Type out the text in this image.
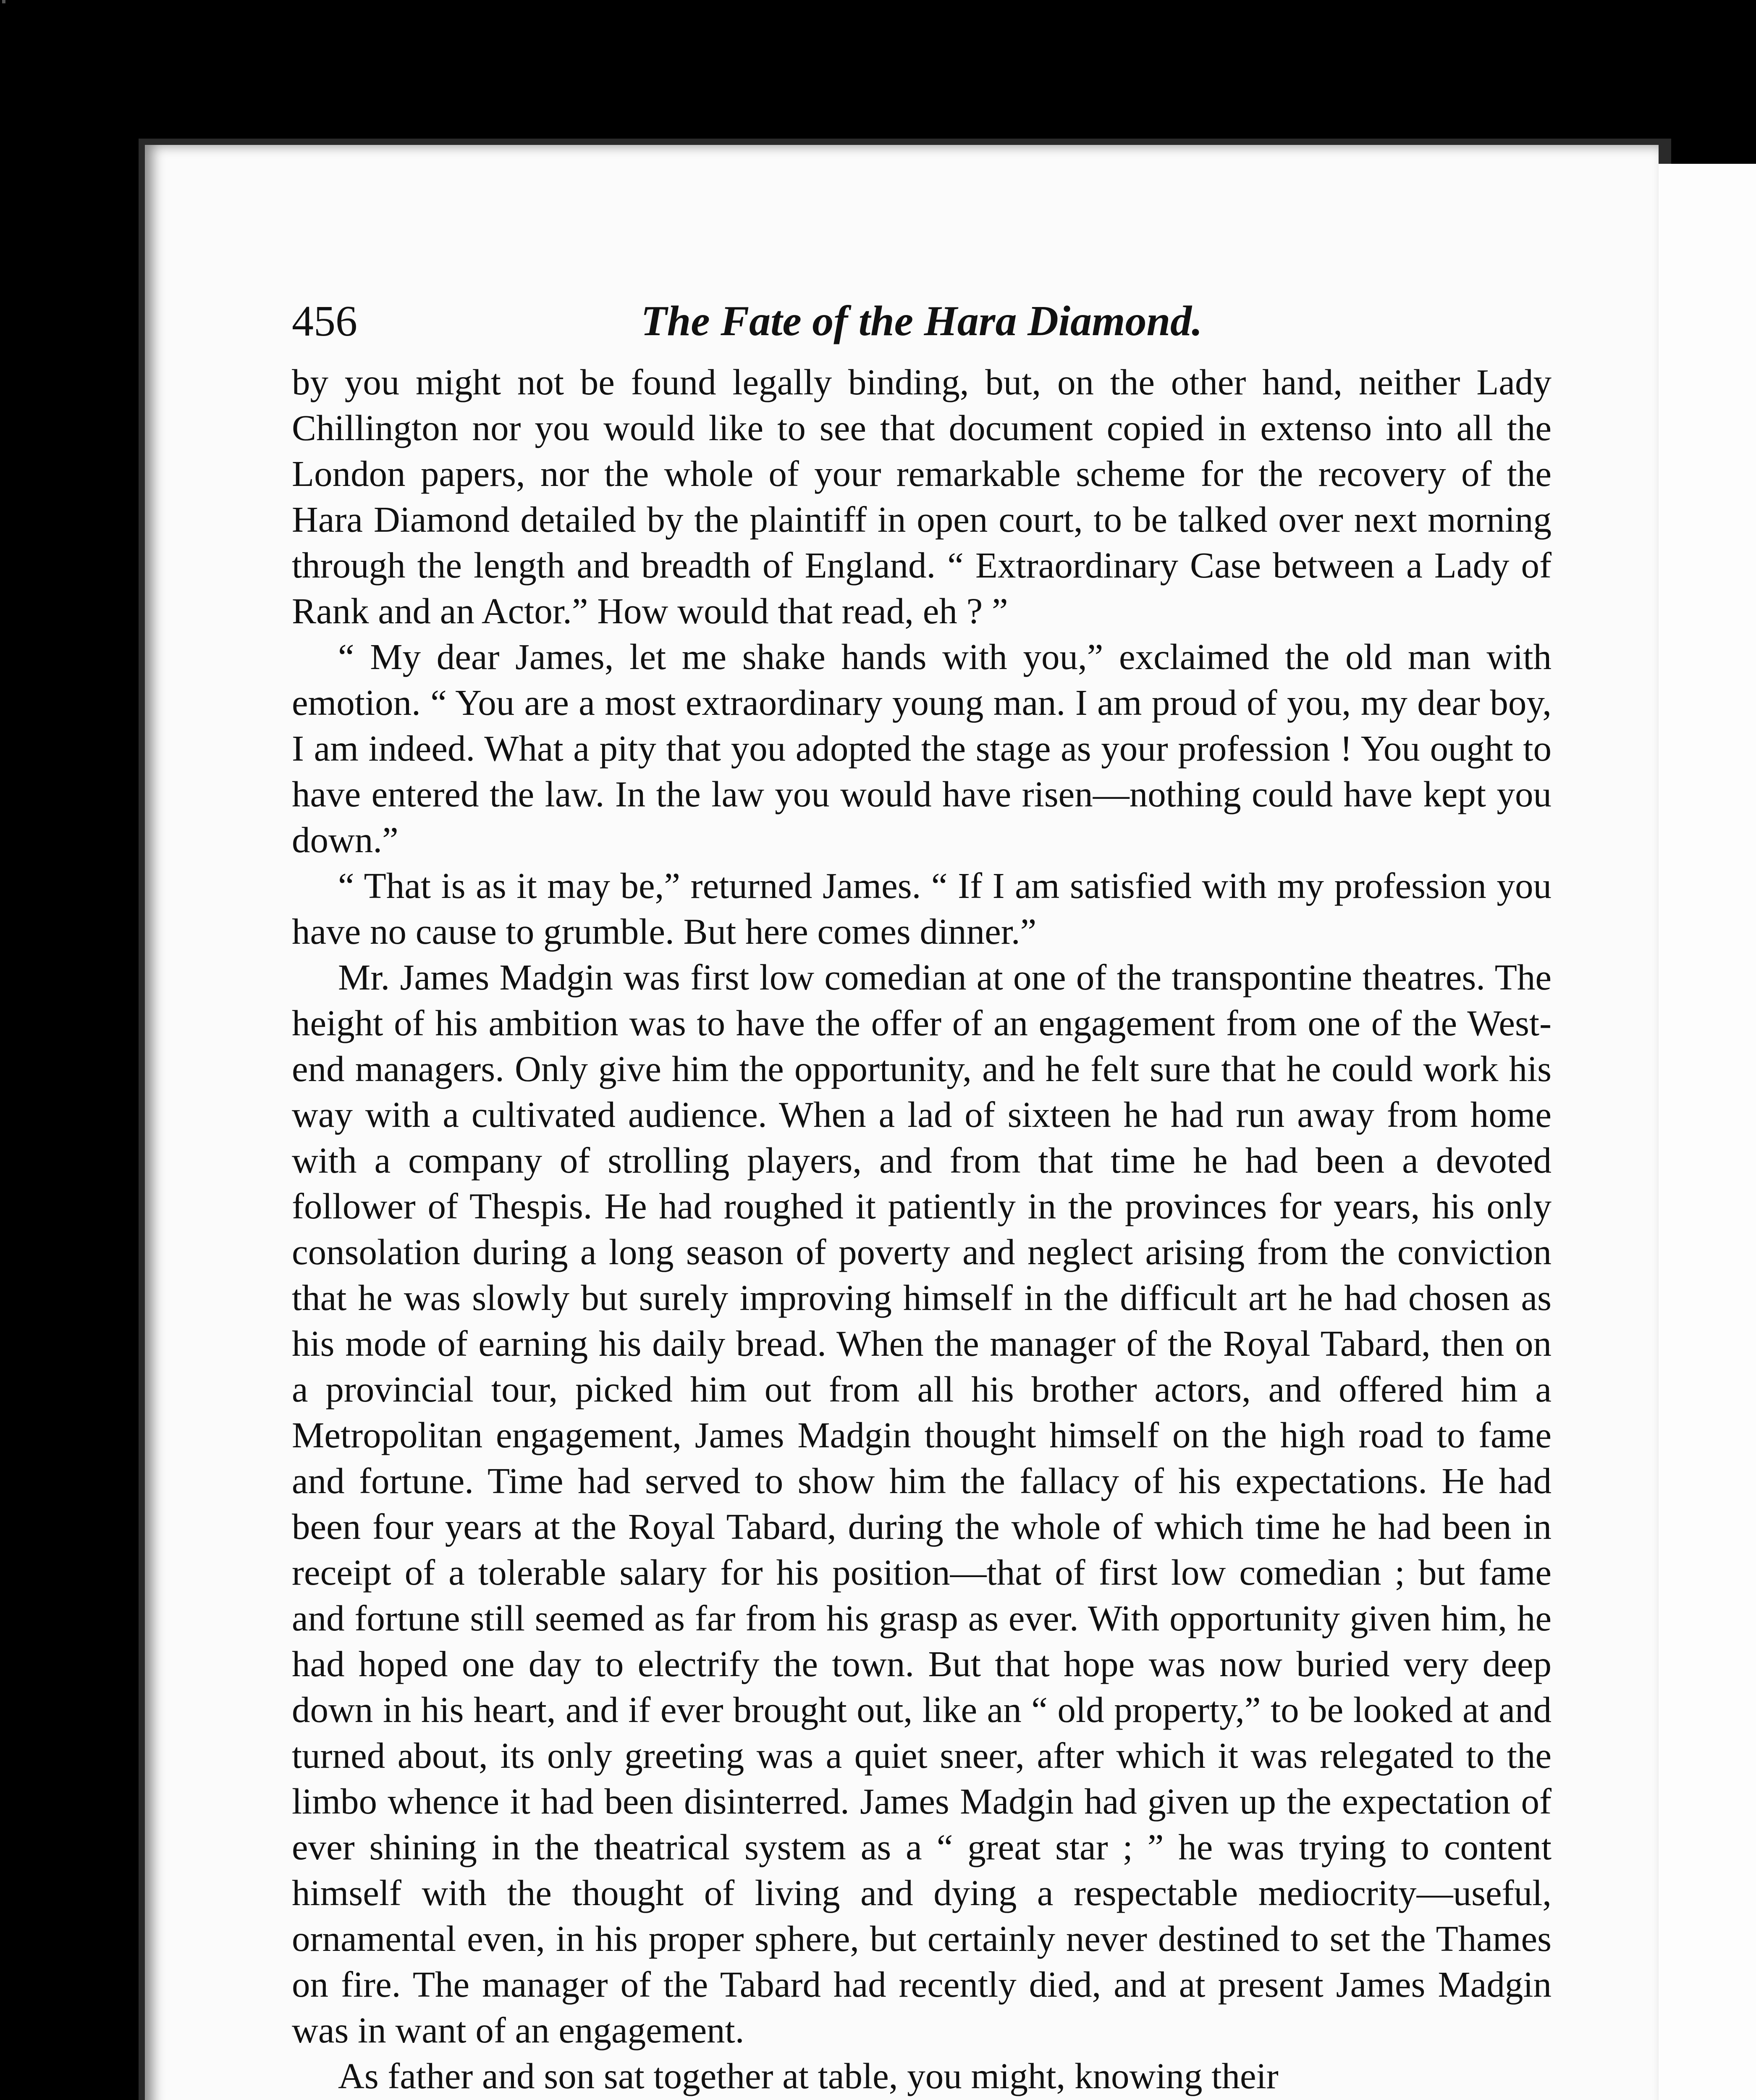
456	The Fate of the Hara Diamond.

by you might not be found legally binding, but, on the other hand, neither Lady Chillington nor you would like to see that document copied in extenso into all the London papers, nor the whole of your remarkable scheme for the recovery of the Hara Diamond detailed by the plaintiff in open court, to be talked over next morning through the length and breadth of England. “ Extraordinary Case between a Lady of Rank and an Actor.” How would that read, eh ? ”

“ My dear James, let me shake hands with you,” exclaimed the old man with emotion. “ You are a most extraordinary young man. I am proud of you, my dear boy, I am indeed. What a pity that you adopted the stage as your profession ! You ought to have entered the law. In the law you would have risen—nothing could have kept you down.”

“ That is as it may be,” returned James. “ If I am satisfied with my profession you have no cause to grumble. But here comes dinner.”

Mr. James Madgin was first low comedian at one of the transpontine theatres. The height of his ambition was to have the offer of an engagement from one of the West-end managers. Only give him the opportunity, and he felt sure that he could work his way with a cultivated audience. When a lad of sixteen he had run away from home with a company of strolling players, and from that time he had been a devoted follower of Thespis. He had roughed it patiently in the provinces for years, his only consolation during a long season of poverty and neglect arising from the conviction that he was slowly but surely improving himself in the difficult art he had chosen as his mode of earning his daily bread. When the manager of the Royal Tabard, then on a provincial tour, picked him out from all his brother actors, and offered him a Metropolitan engagement, James Madgin thought himself on the high road to fame and fortune. Time had served to show him the fallacy of his expectations. He had been four years at the Royal Tabard, during the whole of which time he had been in receipt of a tolerable salary for his position—that of first low comedian ; but fame and fortune still seemed as far from his grasp as ever. With opportunity given him, he had hoped one day to electrify the town. But that hope was now buried very deep down in his heart, and if ever brought out, like an “ old property,” to be looked at and turned about, its only greeting was a quiet sneer, after which it was relegated to the limbo whence it had been disinterred. James Madgin had given up the expectation of ever shining in the theatrical system as a “ great star ; ” he was trying to content himself with the thought of living and dying a respectable mediocrity—useful, ornamental even, in his proper sphere, but certainly never destined to set the Thames on fire. The manager of the Tabard had recently died, and at present James Madgin was in want of an engagement.

As father and son sat together at table, you might, knowing their
